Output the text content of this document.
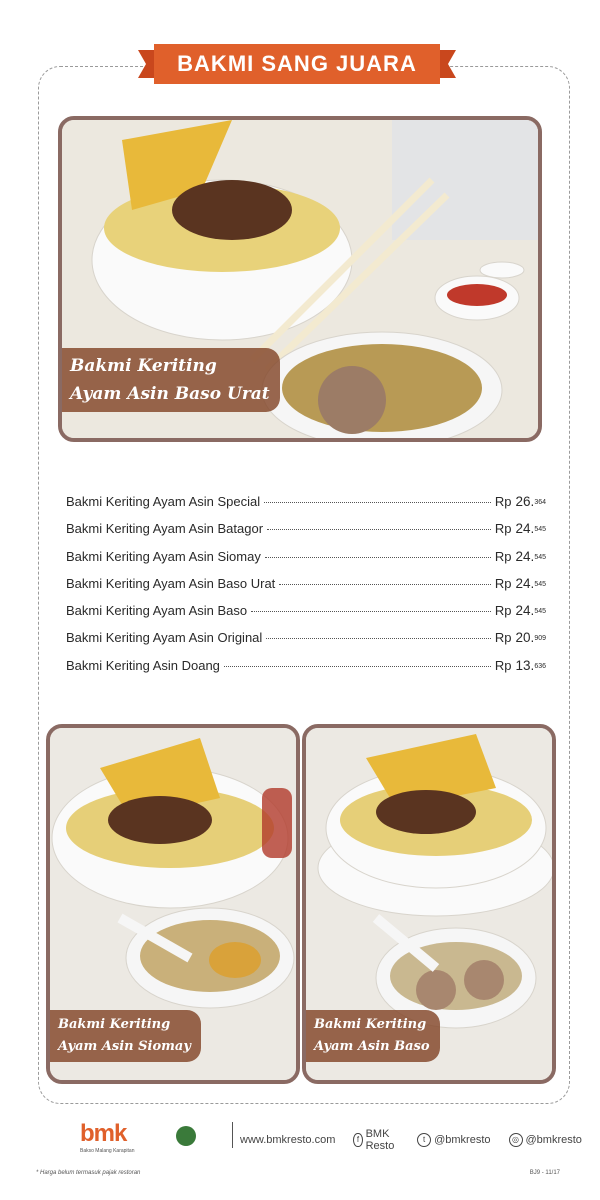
BAKMI SANG JUARA
Bakmi Keriting
Ayam Asin Baso Urat
Bakmi Keriting Ayam Asin Special	Rp 26. 364
Bakmi Keriting Ayam Asin Batagor	Rp 24. 545
Bakmi Keriting Ayam Asin Siomay	Rp 24. 545
Bakmi Keriting Ayam Asin Baso Urat	Rp 24. 545
Bakmi Keriting Ayam Asin Baso	Rp 24. 545
Bakmi Keriting Ayam Asin Original	Rp 20. 909
Bakmi Keriting Asin Doang	Rp 13. 636
Bakmi Keriting
Ayam Asin Siomay
Bakmi Keriting
Ayam Asin Baso
bmk
Bakso Malang Karapitan
www.bmkresto.com	f BMK Resto
t @bmkresto	◎ @bmkresto
* Harga belum termasuk pajak restoran	BJ9 - 11/17
